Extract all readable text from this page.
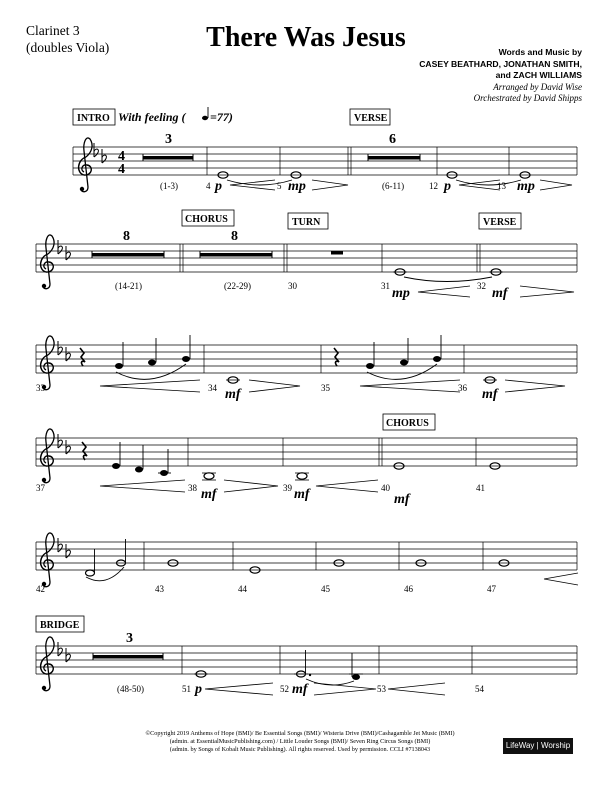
Clarinet 3
(doubles Viola)	There Was Jesus	Words and Music by
CASEY BEATHARD, JONATHAN SMITH,
and ZACH WILLIAMS
Arranged by David Wise
Orchestrated by David Shipps
4
4
3	6
p	mp	p	mp
(1-3)	4	5	(6-11)	12	13
INTRO With feeling ( =77)	VERSE
8	8
mp	mf
(14-21)	(22-29)	30	31	32
CHORUS	TURN	VERSE
mf	mf
33	34	35	36
mf	mf	mf
37	38	39	40	41
CHORUS
42	43	44	45	46	47
3
p	mf
(48-50)	51	52	53	54
BRIDGE
©Copyright 2019 Anthems of Hope (BMI)/ Be Essential Songs (BMI)/ Wisteria Drive (BMI)/Cashagamble Jet Music (BMI)
(admin. at EssentialMusicPublishing.com) / Little Louder Songs (BMI)/ Seven Ring Circus Songs (BMI)
(admin. by Songs of Kobalt Music Publishing). All rights reserved. Used by permission. CCLI #7138043	LifeWay | Worship
